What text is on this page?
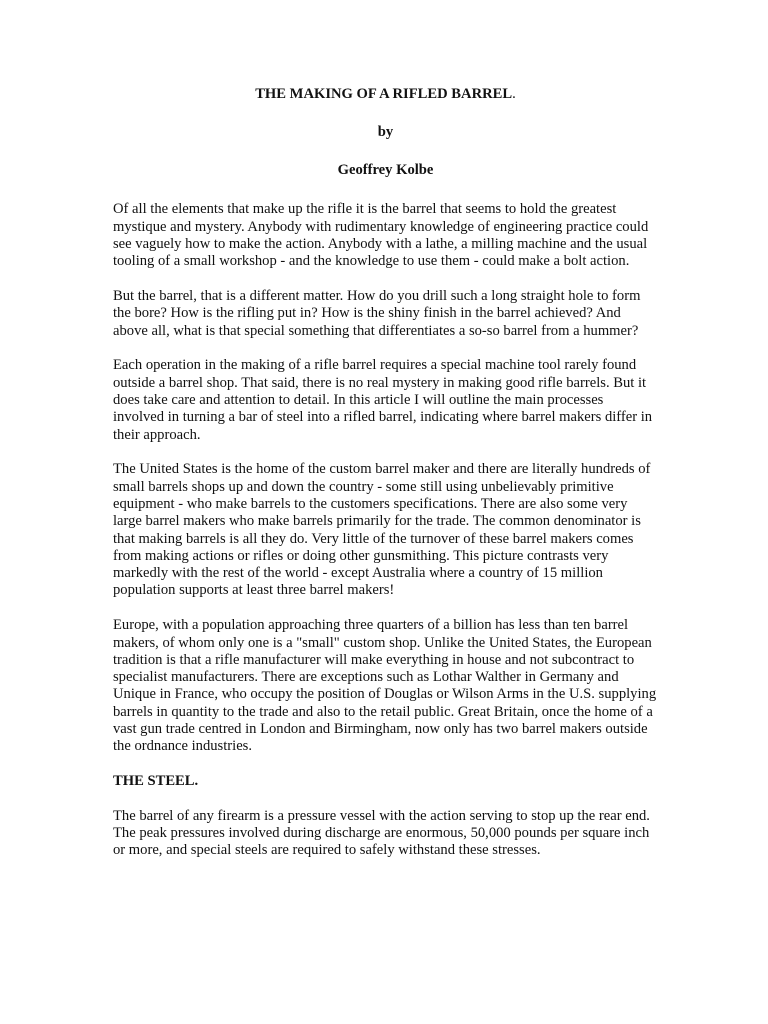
THE MAKING OF A RIFLED BARREL.

by

Geoffrey Kolbe

Of all the elements that make up the rifle it is the barrel that seems to hold the greatest mystique and mystery. Anybody with rudimentary knowledge of engineering practice could see vaguely how to make the action. Anybody with a lathe, a milling machine and the usual tooling of a small workshop - and the knowledge to use them - could make a bolt action.

But the barrel, that is a different matter. How do you drill such a long straight hole to form the bore? How is the rifling put in? How is the shiny finish in the barrel achieved? And above all, what is that special something that differentiates a so-so barrel from a hummer?

Each operation in the making of a rifle barrel requires a special machine tool rarely found outside a barrel shop. That said, there is no real mystery in making good rifle barrels. But it does take care and attention to detail. In this article I will outline the main processes involved in turning a bar of steel into a rifled barrel, indicating where barrel makers differ in their approach.

The United States is the home of the custom barrel maker and there are literally hundreds of small barrels shops up and down the country - some still using unbelievably primitive equipment - who make barrels to the customers specifications. There are also some very large barrel makers who make barrels primarily for the trade. The common denominator is that making barrels is all they do. Very little of the turnover of these barrel makers comes from making actions or rifles or doing other gunsmithing. This picture contrasts very markedly with the rest of the world - except Australia where a country of 15 million population supports at least three barrel makers!

Europe, with a population approaching three quarters of a billion has less than ten barrel makers, of whom only one is a "small" custom shop. Unlike the United States, the European tradition is that a rifle manufacturer will make everything in house and not subcontract to specialist manufacturers. There are exceptions such as Lothar Walther in Germany and Unique in France, who occupy the position of Douglas or Wilson Arms in the U.S. supplying barrels in quantity to the trade and also to the retail public. Great Britain, once the home of a vast gun trade centred in London and Birmingham, now only has two barrel makers outside the ordnance industries.

THE STEEL.

The barrel of any firearm is a pressure vessel with the action serving to stop up the rear end. The peak pressures involved during discharge are enormous, 50,000 pounds per square inch or more, and special steels are required to safely withstand these stresses.
